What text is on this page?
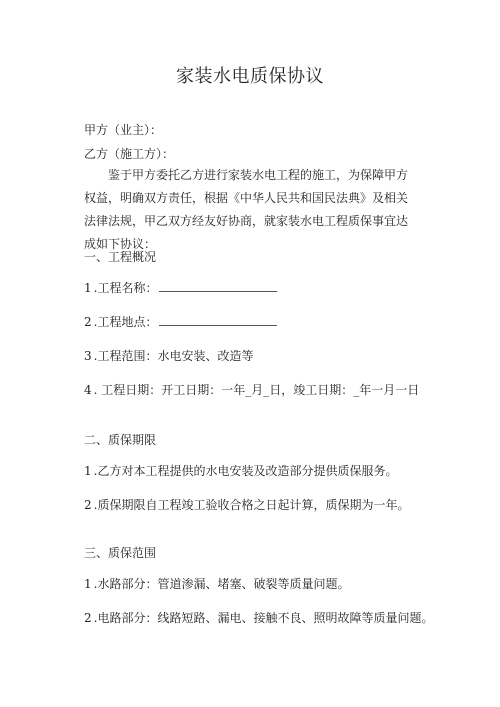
家装水电质保协议
甲方（业主）：
乙方（施工方）：
鉴于甲方委托乙方进行家装水电工程的施工，为保障甲方权益，明确双方责任，根据《中华人民共和国民法典》及相关法律法规，甲乙双方经友好协商，就家装水电工程质保事宜达成如下协议：
一、工程概况
1 .工程名称：
2 .工程地点：
3 .工程范围：水电安装、改造等
4 . 工程日期：开工日期：一年_月_日，竣工日期：_年一月一日
二、质保期限
1 .乙方对本工程提供的水电安装及改造部分提供质保服务。
2 .质保期限自工程竣工验收合格之日起计算，质保期为一年。
三、质保范围
1 .水路部分：管道渗漏、堵塞、破裂等质量问题。
2 .电路部分：线路短路、漏电、接触不良、照明故障等质量问题。
